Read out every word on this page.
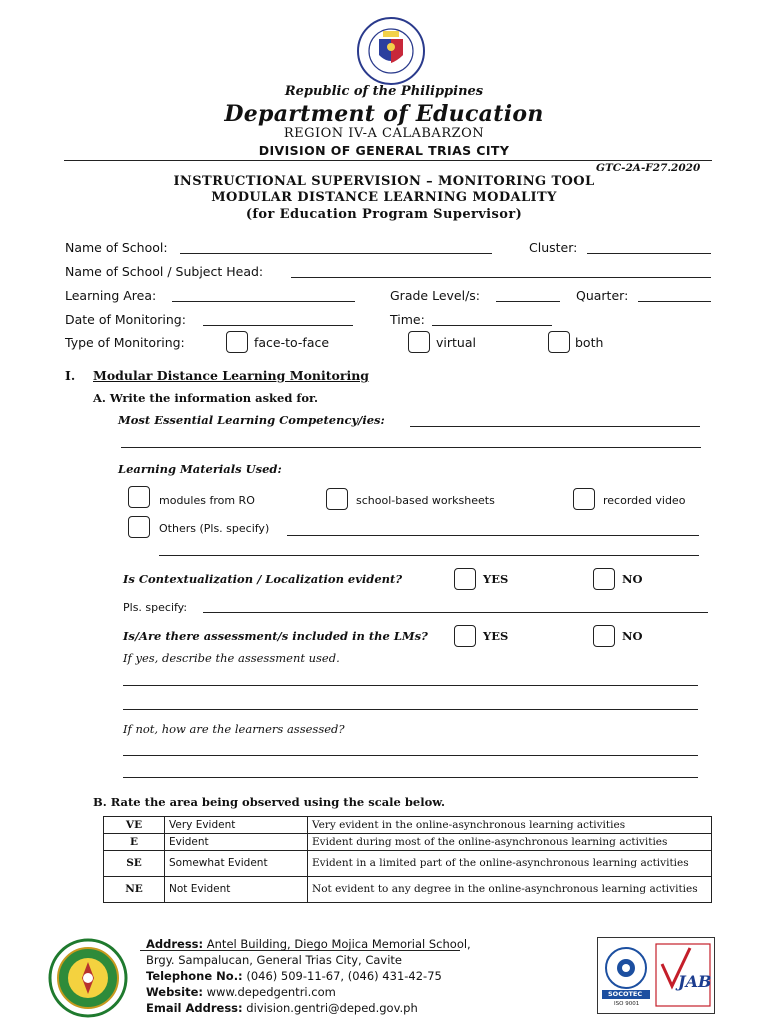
Republic of the Philippines
Department of Education
REGION IV-A CALABARZON
DIVISION OF GENERAL TRIAS CITY
GTC-2A-F27.2020
INSTRUCTIONAL SUPERVISION – MONITORING TOOL
MODULAR DISTANCE LEARNING MODALITY
(for Education Program Supervisor)
Name of School:	Cluster:
Name of School / Subject Head:
Learning Area:	Grade Level/s:	Quarter:
Date of Monitoring:	Time:
Type of Monitoring:	face-to-face	virtual	both
I. Modular Distance Learning Monitoring
A. Write the information asked for.
Most Essential Learning Competency/ies:
Learning Materials Used:
modules from RO	school-based worksheets	recorded video
Others (Pls. specify)
Is Contextualization / Localization evident?	YES	NO
Pls. specify:
Is/Are there assessment/s included in the LMs?	YES	NO
If yes, describe the assessment used.
If not, how are the learners assessed?
B. Rate the area being observed using the scale below.
VE	Very Evident	Very evident in the online-asynchronous learning activities
E	Evident	Evident during most of the online-asynchronous learning activities
SE	Somewhat Evident	Evident in a limited part of the online-asynchronous learning activities
NE	Not Evident	Not evident to any degree in the online-asynchronous learning activities
Address: Antel Building, Diego Mojica Memorial School,
Brgy. Sampalucan, General Trias City, Cavite
Telephone No.: (046) 509-11-67, (046) 431-42-75
Website: www.depedgentri.com
Email Address: division.gentri@deped.gov.ph
SOCOTEC
ISO 9001
JAB
